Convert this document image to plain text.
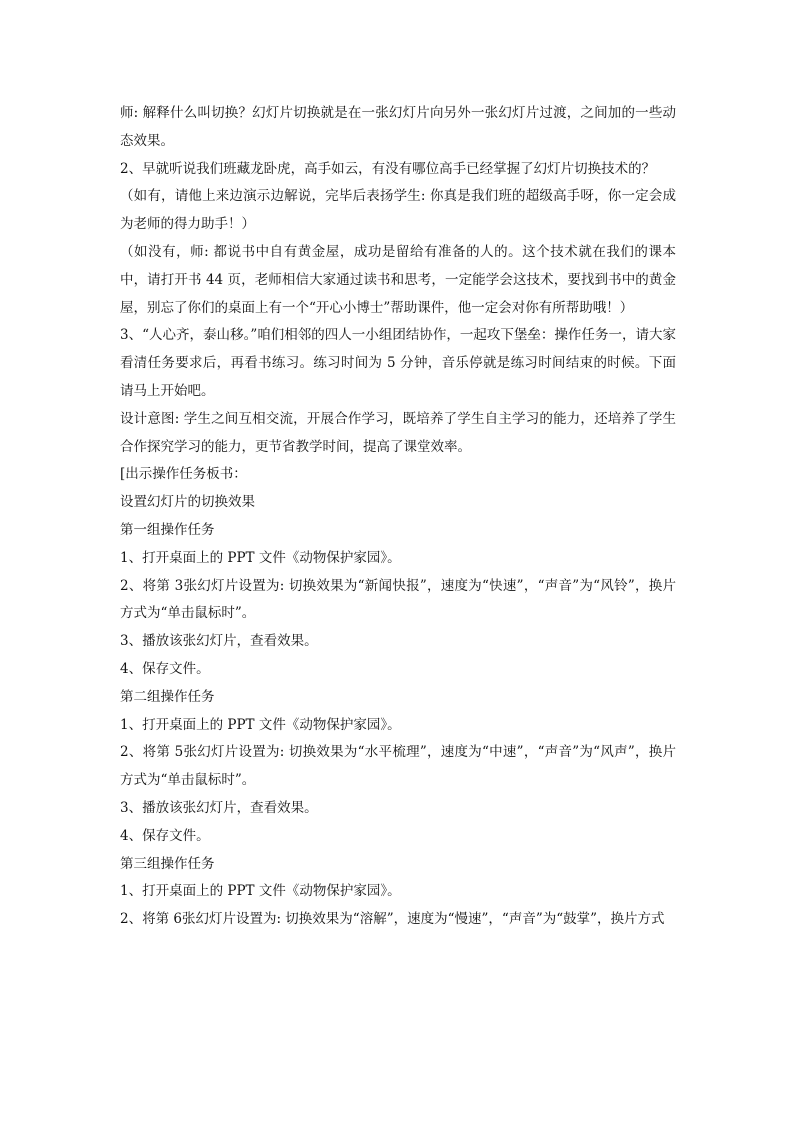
师: 解释什么叫切换？幻灯片切换就是在一张幻灯片向另外一张幻灯片过渡，之间加的一些动态效果。

2、早就听说我们班藏龙卧虎，高手如云，有没有哪位高手已经掌握了幻灯片切换技术的？

（如有，请他上来边演示边解说，完毕后表扬学生: 你真是我们班的超级高手呀，你一定会成为老师的得力助手！）

（如没有，师: 都说书中自有黄金屋，成功是留给有准备的人的。这个技术就在我们的课本中，请打开书 44 页，老师相信大家通过读书和思考，一定能学会这技术，要找到书中的黄金屋，别忘了你们的桌面上有一个“开心小博士”帮助课件，他一定会对你有所帮助哦！）

3、“人心齐，泰山移。”咱们相邻的四人一小组团结协作，一起攻下堡垒：操作任务一，请大家看清任务要求后，再看书练习。练习时间为 5 分钟，音乐停就是练习时间结束的时候。下面请马上开始吧。

设计意图: 学生之间互相交流，开展合作学习，既培养了学生自主学习的能力，还培养了学生合作探究学习的能力，更节省教学时间，提高了课堂效率。

[出示操作任务板书：

设置幻灯片的切换效果

第一组操作任务

1、打开桌面上的 PPT 文件《动物保护家园》。

2、将第 3张幻灯片设置为: 切换效果为“新闻快报”，速度为“快速”，“声音”为“风铃”，换片方式为“单击鼠标时”。

3、播放该张幻灯片，查看效果。

4、保存文件。

第二组操作任务

1、打开桌面上的 PPT 文件《动物保护家园》。

2、将第 5张幻灯片设置为: 切换效果为“水平梳理”，速度为“中速”，“声音”为“风声”，换片方式为“单击鼠标时”。

3、播放该张幻灯片，查看效果。

4、保存文件。

第三组操作任务

1、打开桌面上的 PPT 文件《动物保护家园》。

2、将第 6张幻灯片设置为: 切换效果为“溶解”，速度为“慢速”，“声音”为“鼓掌”，换片方式
